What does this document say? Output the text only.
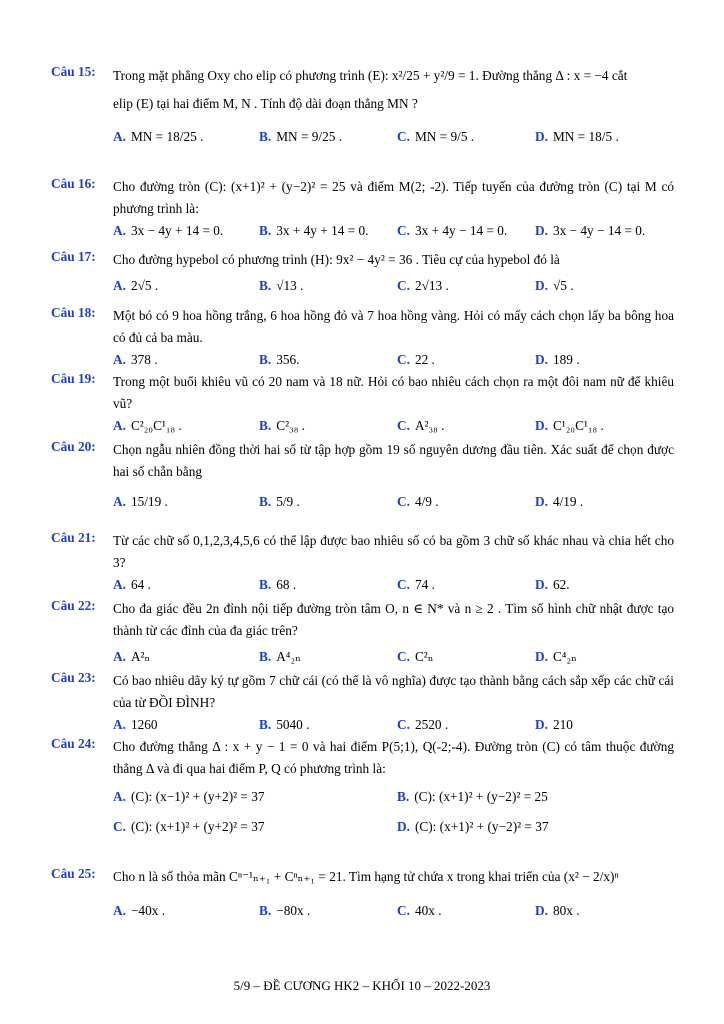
Câu 15:	Trong mặt phẳng Oxy cho elip có phương trình (E): x²/25 + y²/9 = 1. Đường thẳng Δ : x = −4 cắt
elip (E) tại hai điểm M, N . Tính độ dài đoạn thẳng MN ?
A. MN = 18/25 .	B. MN = 9/25 .	C. MN = 9/5 .	D. MN = 18/5 .
Câu 16:	Cho đường tròn (C): (x+1)² + (y−2)² = 25 và điểm M(2; -2). Tiếp tuyến của đường tròn (C) tại M có phương trình là:
A. 3x − 4y + 14 = 0.	B. 3x + 4y + 14 = 0. C. 3x + 4y − 14 = 0. D. 3x − 4y − 14 = 0.
Câu 17:	Cho đường hypebol có phương trình (H): 9x² − 4y² = 36 . Tiêu cự của hypebol đó là
A. 2√5 .	B. √13 .	C. 2√13 .	D. √5 .
Câu 18:	Một bó có 9 hoa hồng trắng, 6 hoa hồng đỏ và 7 hoa hồng vàng. Hỏi có mấy cách chọn lấy ba bông hoa có đủ cả ba màu.
A. 378 .	B. 356.	C. 22 .	D. 189 .
Câu 19:	Trong một buổi khiêu vũ có 20 nam và 18 nữ. Hỏi có bao nhiêu cách chọn ra một đôi nam nữ để khiêu vũ?
A. C²₂₀C¹₁₈ .	B. C²₃₈ .	C. A²₃₈ .	D. C¹₂₀C¹₁₈ .
Câu 20:	Chọn ngẫu nhiên đồng thời hai số từ tập hợp gồm 19 số nguyên dương đầu tiên. Xác suất để chọn được hai số chẵn bằng
A. 15/19 .	B. 5/9 .	C. 4/9 .	D. 4/19 .
Câu 21:	Từ các chữ số 0,1,2,3,4,5,6 có thể lập được bao nhiêu số có ba gồm 3 chữ số khác nhau và chia hết cho 3?
A. 64 .	B. 68 .	C. 74 .	D. 62.
Câu 22:	Cho đa giác đều 2n đỉnh nội tiếp đường tròn tâm O, n ∈ N* và n ≥ 2 . Tìm số hình chữ nhật được tạo thành từ các đỉnh của đa giác trên?
A. A²ₙ	B. A⁴₂ₙ	C. C²ₙ	D. C⁴₂ₙ
Câu 23:	Có bao nhiêu dãy ký tự gồm 7 chữ cái (có thể là vô nghĩa) được tạo thành bằng cách sắp xếp các chữ cái của từ ĐỒI ĐÌNH?
A. 1260	B. 5040 .	C. 2520 .	D. 210
Câu 24:	Cho đường thẳng Δ : x + y − 1 = 0 và hai điểm P(5;1), Q(-2;-4). Đường tròn (C) có tâm thuộc đường thẳng Δ và đi qua hai điểm P, Q có phương trình là:
A. (C): (x−1)² + (y+2)² = 37	B. (C): (x+1)² + (y−2)² = 25
C. (C): (x+1)² + (y+2)² = 37	D. (C): (x+1)² + (y−2)² = 37
Câu 25:	Cho n là số thỏa mãn Cⁿ⁻¹ₙ₊₁ + Cⁿₙ₊₁ = 21. Tìm hạng tử chứa x trong khai triển của (x² − 2/x)ⁿ
A. −40x .	B. −80x .	C. 40x .	D. 80x .
5/9 – ĐỀ CƯƠNG HK2 – KHỐI 10 – 2022-2023
